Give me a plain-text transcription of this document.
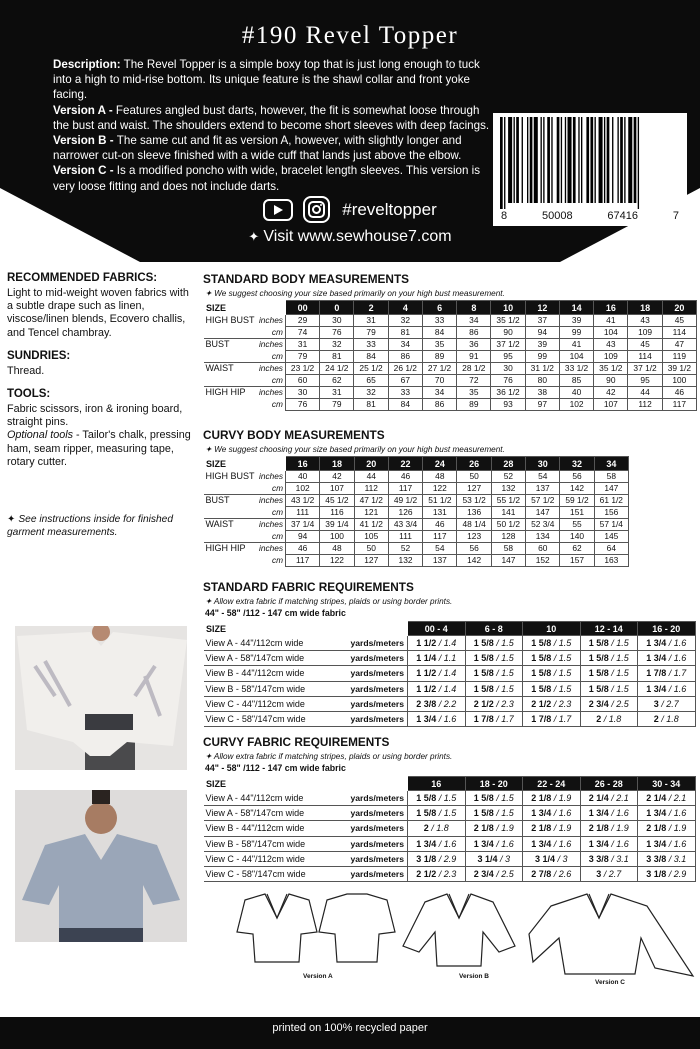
#190 Revel Topper
Description: The Revel Topper is a simple boxy top that is just long enough to tuck into a high to mid-rise bottom. Its unique feature is the shawl collar and front yoke facing.
Version A - Features angled bust darts, however, the fit is somewhat loose through the bust and waist. The shoulders extend to become short sleeves with deep facings.
Version B - The same cut and fit as version A, however, with slightly longer and narrower cut-on sleeve finished with a wide cuff that lands just above the elbow.
Version C - Is a modified poncho with wide, bracelet length sleeves. This version is very loose fitting and does not include darts.
8	50008	67416	7
#reveltopper
✦ Visit www.sewhouse7.com
RECOMMENDED FABRICS:
Light to mid-weight woven fabrics with a subtle drape such as linen, viscose/linen blends, Ecovero challis, and Tencel chambray.
SUNDRIES:
Thread.
TOOLS:
Fabric scissors, iron & ironing board, straight pins.
Optional tools - Tailor's chalk, pressing ham, seam ripper, measuring tape, rotary cutter.
✦ See instructions inside for finished garment measurements.
STANDARD BODY MEASUREMENTS
✦ We suggest choosing your size based primarily on your high bust measurement.
SIZE		00	0	2	4	6	8	10	12	14	16	18	20
HIGH BUST	inches	29	30	31	32	33	34	35 1/2	37	39	41	43	45
	cm	74	76	79	81	84	86	90	94	99	104	109	114
BUST	inches	31	32	33	34	35	36	37 1/2	39	41	43	45	47
	cm	79	81	84	86	89	91	95	99	104	109	114	119
WAIST	inches	23 1/2	24 1/2	25 1/2	26 1/2	27 1/2	28 1/2	30	31 1/2	33 1/2	35 1/2	37 1/2	39 1/2
	cm	60	62	65	67	70	72	76	80	85	90	95	100
HIGH HIP	inches	30	31	32	33	34	35	36 1/2	38	40	42	44	46
	cm	76	79	81	84	86	89	93	97	102	107	112	117
CURVY BODY MEASUREMENTS
✦ We suggest choosing your size based primarily on your high bust measurement.
SIZE		16	18	20	22	24	26	28	30	32	34
HIGH BUST	inches	40	42	44	46	48	50	52	54	56	58
	cm	102	107	112	117	122	127	132	137	142	147
BUST	inches	43 1/2	45 1/2	47 1/2	49 1/2	51 1/2	53 1/2	55 1/2	57 1/2	59 1/2	61 1/2
	cm	111	116	121	126	131	136	141	147	151	156
WAIST	inches	37 1/4	39 1/4	41 1/2	43 3/4	46	48 1/4	50 1/2	52 3/4	55	57 1/4
	cm	94	100	105	111	117	123	128	134	140	145
HIGH HIP	inches	46	48	50	52	54	56	58	60	62	64
	cm	117	122	127	132	137	142	147	152	157	163
STANDARD FABRIC REQUIREMENTS
✦ Allow extra fabric if matching stripes, plaids or using border prints.
44" - 58" /112 - 147 cm wide fabric
SIZE		00 - 4	6 - 8	10	12 - 14	16 - 20
View A - 44"/112cm wide	yards/meters	1 1/2 / 1.4	1 5/8 / 1.5	1 5/8 / 1.5	1 5/8 / 1.5	1 3/4 / 1.6
View A - 58"/147cm wide	yards/meters	1 1/4 / 1.1	1 5/8 / 1.5	1 5/8 / 1.5	1 5/8 / 1.5	1 3/4 / 1.6
View B - 44"/112cm wide	yards/meters	1 1/2 / 1.4	1 5/8 / 1.5	1 5/8 / 1.5	1 5/8 / 1.5	1 7/8 / 1.7
View B - 58"/147cm wide	yards/meters	1 1/2 / 1.4	1 5/8 / 1.5	1 5/8 / 1.5	1 5/8 / 1.5	1 3/4 / 1.6
View C - 44"/112cm wide	yards/meters	2 3/8 / 2.2	2 1/2 / 2.3	2 1/2 / 2.3	2 3/4 / 2.5	3 / 2.7
View C - 58"/147cm wide	yards/meters	1 3/4 / 1.6	1 7/8 / 1.7	1 7/8 / 1.7	2 / 1.8	2 / 1.8
CURVY FABRIC REQUIREMENTS
✦ Allow extra fabric if matching stripes, plaids or using border prints.
44" - 58" /112 - 147 cm wide fabric
SIZE		16	18 - 20	22 - 24	26 - 28	30 - 34
View A - 44"/112cm wide	yards/meters	1 5/8 / 1.5	1 5/8 / 1.5	2 1/8 / 1.9	2 1/4 / 2.1	2 1/4 / 2.1
View A - 58"/147cm wide	yards/meters	1 5/8 / 1.5	1 5/8 / 1.5	1 3/4 / 1.6	1 3/4 / 1.6	1 3/4 / 1.6
View B - 44"/112cm wide	yards/meters	2 / 1.8	2 1/8 / 1.9	2 1/8 / 1.9	2 1/8 / 1.9	2 1/8 / 1.9
View B - 58"/147cm wide	yards/meters	1 3/4 / 1.6	1 3/4 / 1.6	1 3/4 / 1.6	1 3/4 / 1.6	1 3/4 / 1.6
View C - 44"/112cm wide	yards/meters	3 1/8 / 2.9	3 1/4 / 3	3 1/4 / 3	3 3/8 / 3.1	3 3/8 / 3.1
View C - 58"/147cm wide	yards/meters	2 1/2 / 2.3	2 3/4 / 2.5	2 7/8 / 2.6	3 / 2.7	3 1/8 / 2.9
Version A	Version B
Version C
printed on 100% recycled paper
